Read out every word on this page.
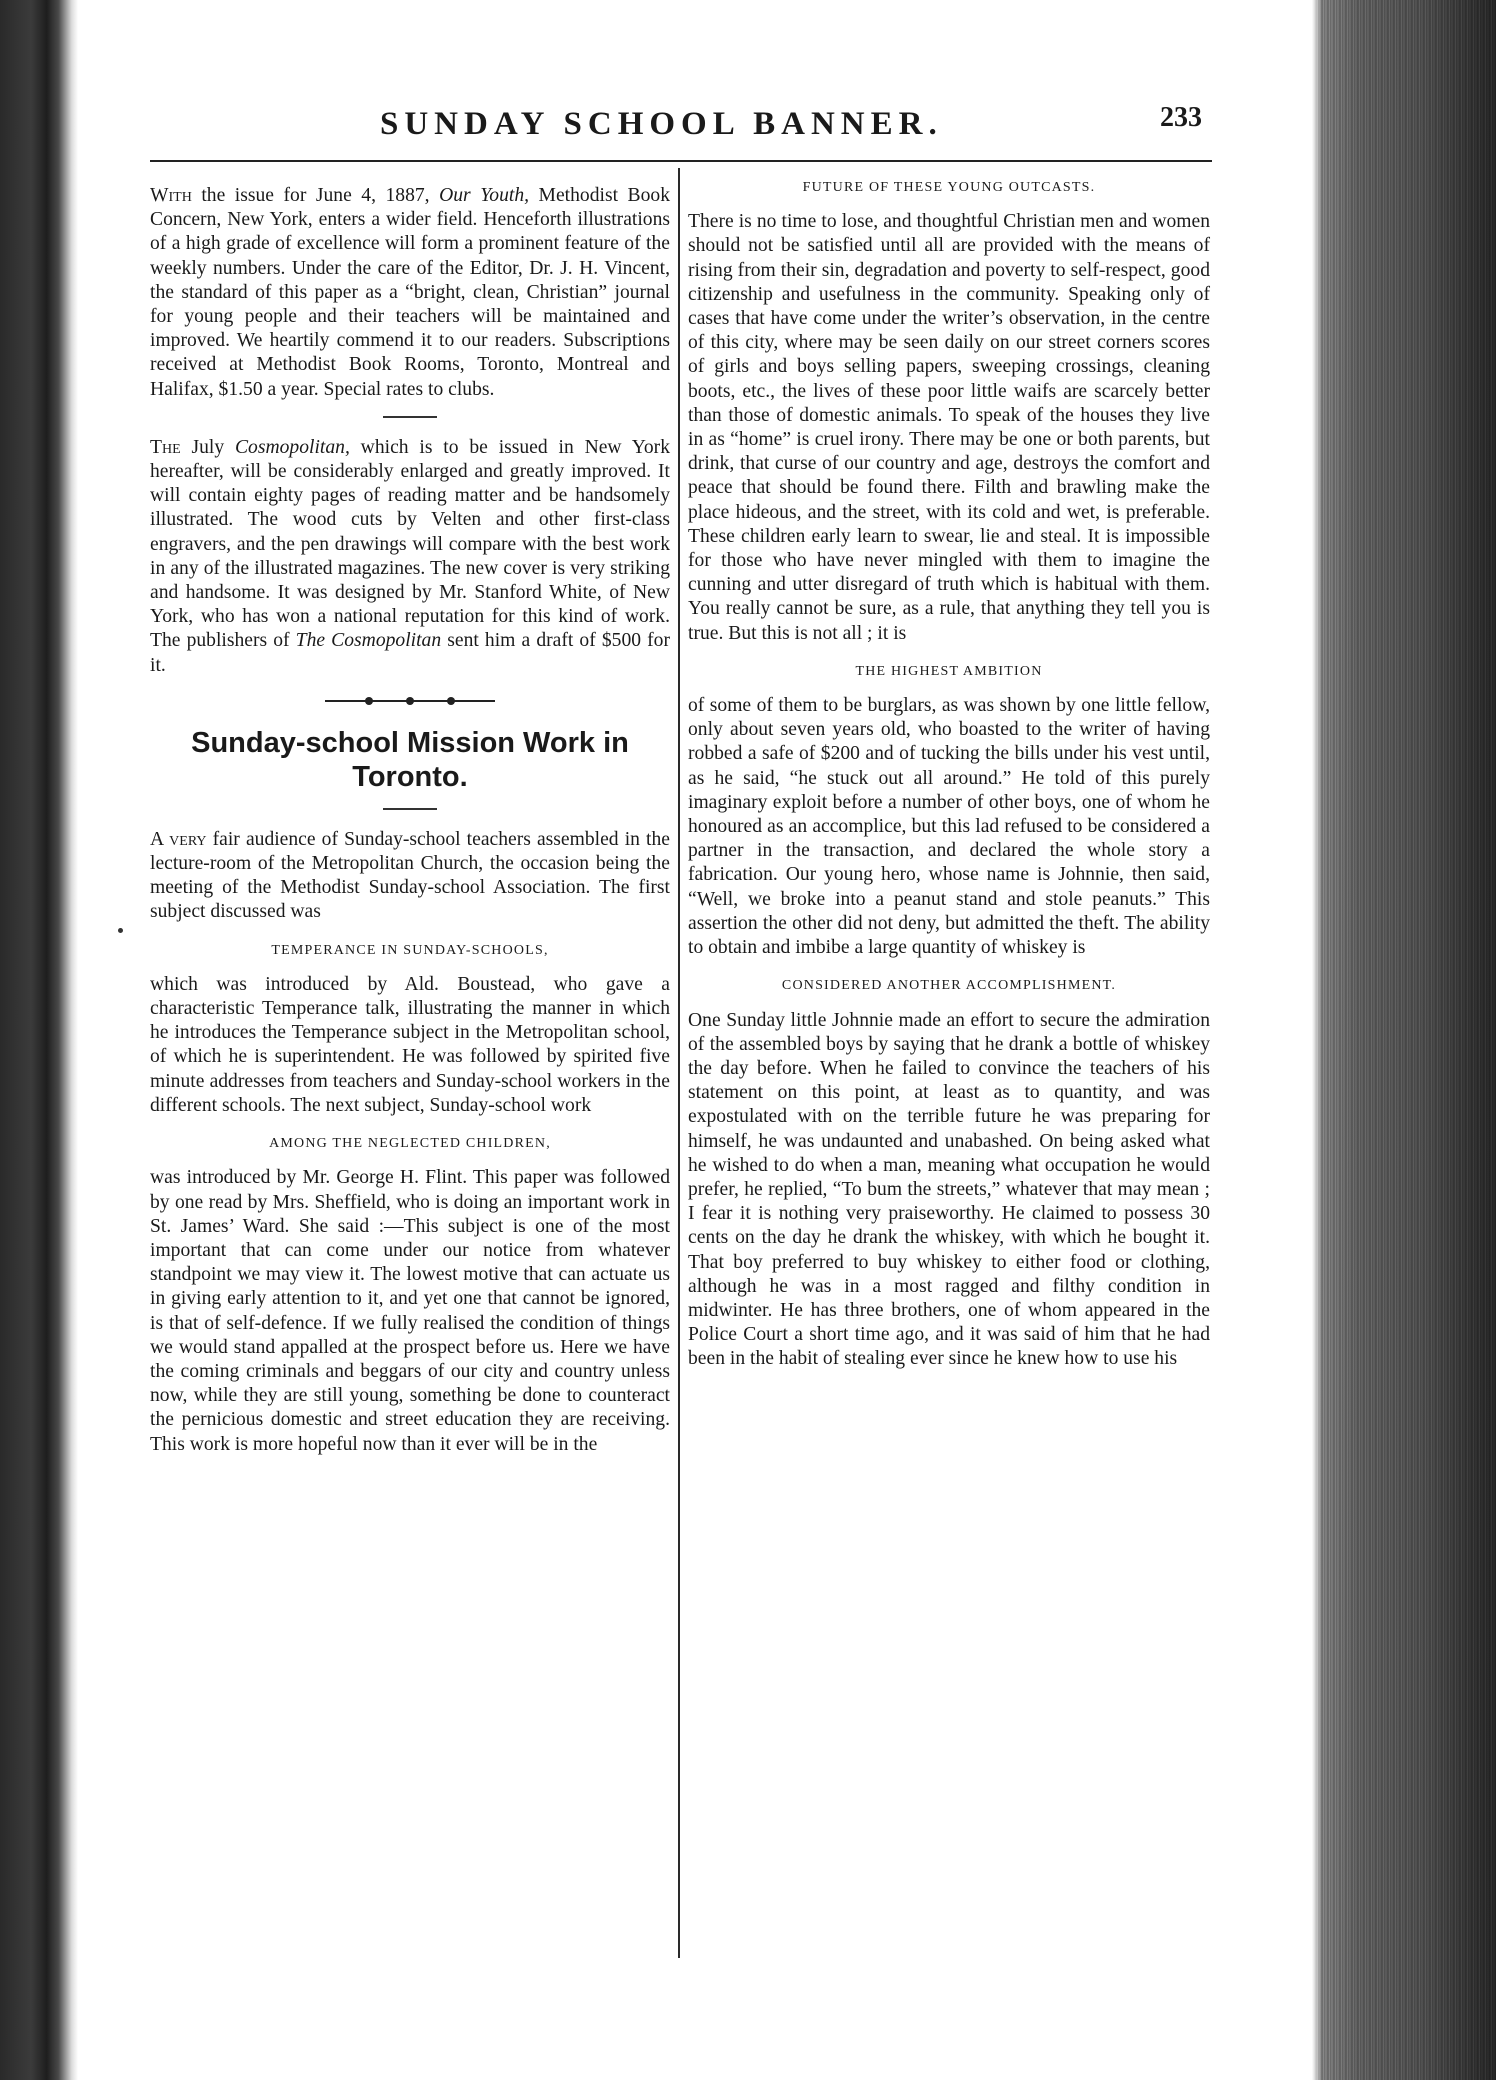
SUNDAY SCHOOL BANNER.	233

With the issue for June 4, 1887, Our Youth, Methodist Book Concern, New York, enters a wider field. Henceforth illustrations of a high grade of excellence will form a prominent feature of the weekly numbers. Under the care of the Editor, Dr. J. H. Vincent, the standard of this paper as a “bright, clean, Christian” journal for young people and their teachers will be maintained and improved. We heartily commend it to our readers. Subscriptions received at Methodist Book Rooms, Toronto, Montreal and Halifax, $1.50 a year. Special rates to clubs.

The July Cosmopolitan, which is to be issued in New York hereafter, will be considerably enlarged and greatly improved. It will contain eighty pages of reading matter and be handsomely illustrated. The wood cuts by Velten and other first-class engravers, and the pen drawings will compare with the best work in any of the illustrated magazines. The new cover is very striking and handsome. It was designed by Mr. Stanford White, of New York, who has won a national reputation for this kind of work. The publishers of The Cosmopolitan sent him a draft of $500 for it.

Sunday-school Mission Work in Toronto.

A very fair audience of Sunday-school teachers assembled in the lecture-room of the Metropolitan Church, the occasion being the meeting of the Methodist Sunday-school Association. The first subject discussed was

TEMPERANCE IN SUNDAY-SCHOOLS,

which was introduced by Ald. Boustead, who gave a characteristic Temperance talk, illustrating the manner in which he introduces the Temperance subject in the Metropolitan school, of which he is superintendent. He was followed by spirited five minute addresses from teachers and Sunday-school workers in the different schools. The next subject, Sunday-school work

AMONG THE NEGLECTED CHILDREN,

was introduced by Mr. George H. Flint. This paper was followed by one read by Mrs. Sheffield, who is doing an important work in St. James’ Ward. She said :—This subject is one of the most important that can come under our notice from whatever standpoint we may view it. The lowest motive that can actuate us in giving early attention to it, and yet one that cannot be ignored, is that of self-defence. If we fully realised the condition of things we would stand appalled at the prospect before us. Here we have the coming criminals and beggars of our city and country unless now, while they are still young, something be done to counteract the pernicious domestic and street education they are receiving. This work is more hopeful now than it ever will be in the

FUTURE OF THESE YOUNG OUTCASTS.

There is no time to lose, and thoughtful Christian men and women should not be satisfied until all are provided with the means of rising from their sin, degradation and poverty to self-respect, good citizenship and usefulness in the community. Speaking only of cases that have come under the writer’s observation, in the centre of this city, where may be seen daily on our street corners scores of girls and boys selling papers, sweeping crossings, cleaning boots, etc., the lives of these poor little waifs are scarcely better than those of domestic animals. To speak of the houses they live in as “home” is cruel irony. There may be one or both parents, but drink, that curse of our country and age, destroys the comfort and peace that should be found there. Filth and brawling make the place hideous, and the street, with its cold and wet, is preferable. These children early learn to swear, lie and steal. It is impossible for those who have never mingled with them to imagine the cunning and utter disregard of truth which is habitual with them. You really cannot be sure, as a rule, that anything they tell you is true. But this is not all ; it is

THE HIGHEST AMBITION

of some of them to be burglars, as was shown by one little fellow, only about seven years old, who boasted to the writer of having robbed a safe of $200 and of tucking the bills under his vest until, as he said, “he stuck out all around.” He told of this purely imaginary exploit before a number of other boys, one of whom he honoured as an accomplice, but this lad refused to be considered a partner in the transaction, and declared the whole story a fabrication. Our young hero, whose name is Johnnie, then said, “Well, we broke into a peanut stand and stole peanuts.” This assertion the other did not deny, but admitted the theft. The ability to obtain and imbibe a large quantity of whiskey is

CONSIDERED ANOTHER ACCOMPLISHMENT.

One Sunday little Johnnie made an effort to secure the admiration of the assembled boys by saying that he drank a bottle of whiskey the day before. When he failed to convince the teachers of his statement on this point, at least as to quantity, and was expostulated with on the terrible future he was preparing for himself, he was undaunted and unabashed. On being asked what he wished to do when a man, meaning what occupation he would prefer, he replied, “To bum the streets,” whatever that may mean ; I fear it is nothing very praiseworthy. He claimed to possess 30 cents on the day he drank the whiskey, with which he bought it. That boy preferred to buy whiskey to either food or clothing, although he was in a most ragged and filthy condition in midwinter. He has three brothers, one of whom appeared in the Police Court a short time ago, and it was said of him that he had been in the habit of stealing ever since he knew how to use his
